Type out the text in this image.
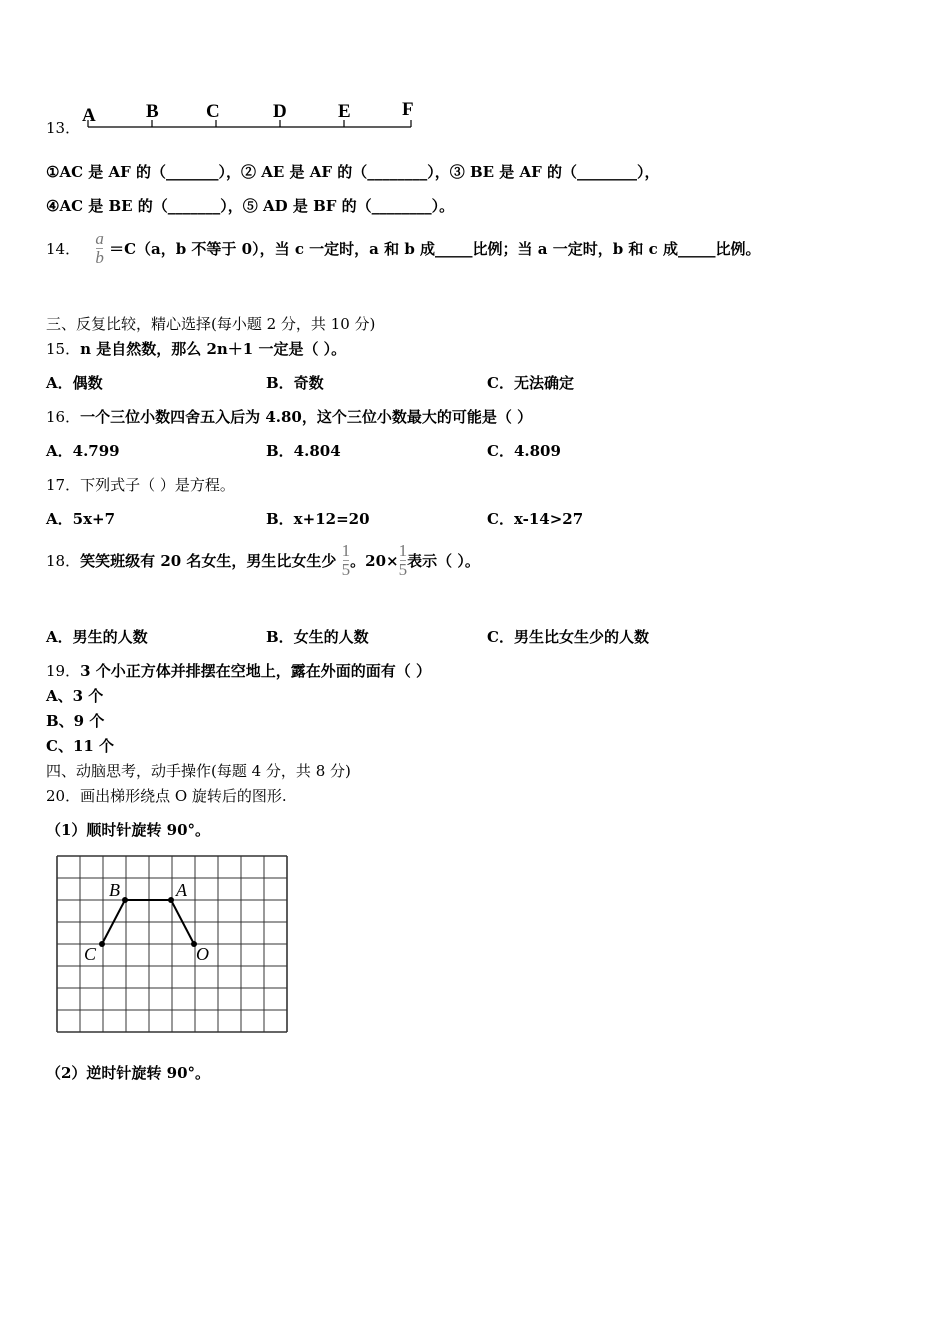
13．
A	B C	D	E	F
①AC 是 AF 的（_______），② AE 是 AF 的（________），③ BE 是 AF 的（________），
④AC 是 BE 的（_______），⑤ AD 是 BF 的（________）。
14． $\frac{a}{b} =C(a$，b 不等于 0），当 c 一定时，a 和 b 成_____比例；当 a 一定时，b 和 c 成_____比例。
三、反复比较，精心选择(每小题 2 分，共 10 分)
15．n 是自然数，那么 2n＋1 一定是（ ）。
A．偶数	B．奇数	C．无法确定
16．一个三位小数四舍五入后为 4.80，这个三位小数最大的可能是（ ）
A．4.799	B．4.804	C．4.809
17．下列式子（ ）是方程。
A．5x+7	B．x+12=20	C．x-14>27
18．笑笑班级有 20 名女生，男生比女生少 $\frac{1}{5}$ 。$20\times \frac{1}{5}$ 表示（ ）。
A．男生的人数	B．女生的人数	C．男生比女生少的人数
19．3 个小正方体并排摆在空地上，露在外面的面有（ ）
A、3 个
B、9 个
C、11 个
四、动脑思考，动手操作(每题 4 分，共 8 分)
20．画出梯形绕点 O 旋转后的图形.
（1）顺时针旋转 90°。
B	A
C	O
（2）逆时针旋转 90°。
